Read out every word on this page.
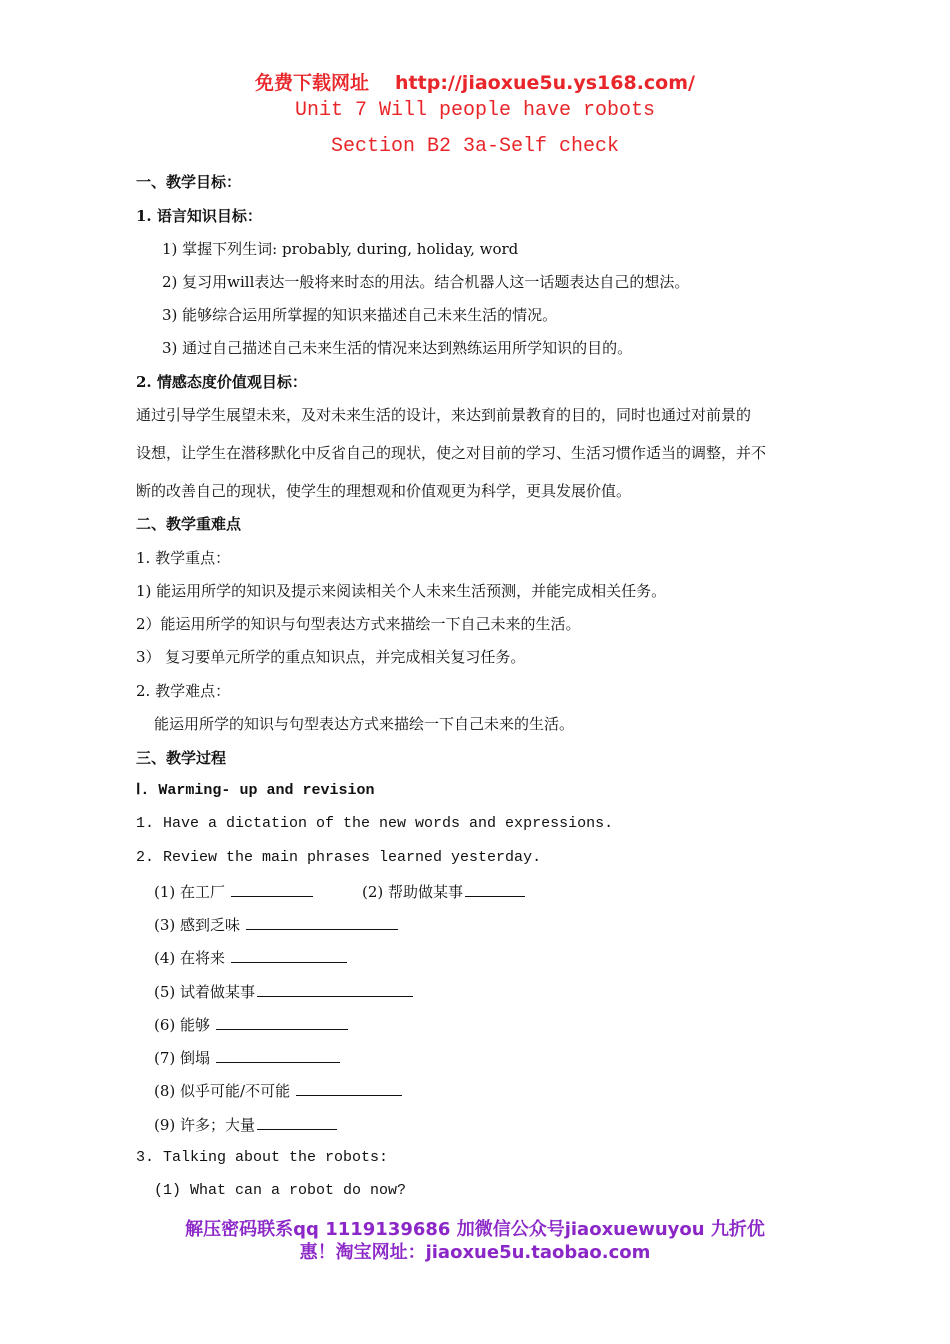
免费下载网址 http://jiaoxue5u.ys168.com/
Unit 7 Will people have robots
Section B2 3a-Self check
一、教学目标：
1. 语言知识目标：
1) 掌握下列生词: probably, during, holiday, word
2) 复习用will表达一般将来时态的用法。结合机器人这一话题表达自己的想法。
3) 能够综合运用所掌握的知识来描述自己未来生活的情况。
3) 通过自己描述自己未来生活的情况来达到熟练运用所学知识的目的。
2. 情感态度价值观目标：
通过引导学生展望未来，及对未来生活的设计，来达到前景教育的目的，同时也通过对前景的
设想，让学生在潜移默化中反省自己的现状，使之对目前的学习、生活习惯作适当的调整，并不
断的改善自己的现状，使学生的理想观和价值观更为科学，更具发展价值。
二、教学重难点
1. 教学重点：
1) 能运用所学的知识及提示来阅读相关个人未来生活预测，并能完成相关任务。
2）能运用所学的知识与句型表达方式来描绘一下自己未来的生活。
3） 复习要单元所学的重点知识点，并完成相关复习任务。
2. 教学难点：
能运用所学的知识与句型表达方式来描绘一下自己未来的生活。
三、教学过程
Ⅰ. Warming- up and revision
1. Have a dictation of the new words and expressions.
2. Review the main phrases learned yesterday.
(1) 在工厂	(2) 帮助做某事
(3) 感到乏味
(4) 在将来
(5) 试着做某事
(6) 能够
(7) 倒塌
(8) 似乎可能/不可能
(9) 许多；大量
3. Talking about the robots:
(1) What can a robot do now?
解压密码联系qq 1119139686 加微信公众号jiaoxuewuyou 九折优
惠！淘宝网址：jiaoxue5u.taobao.com
